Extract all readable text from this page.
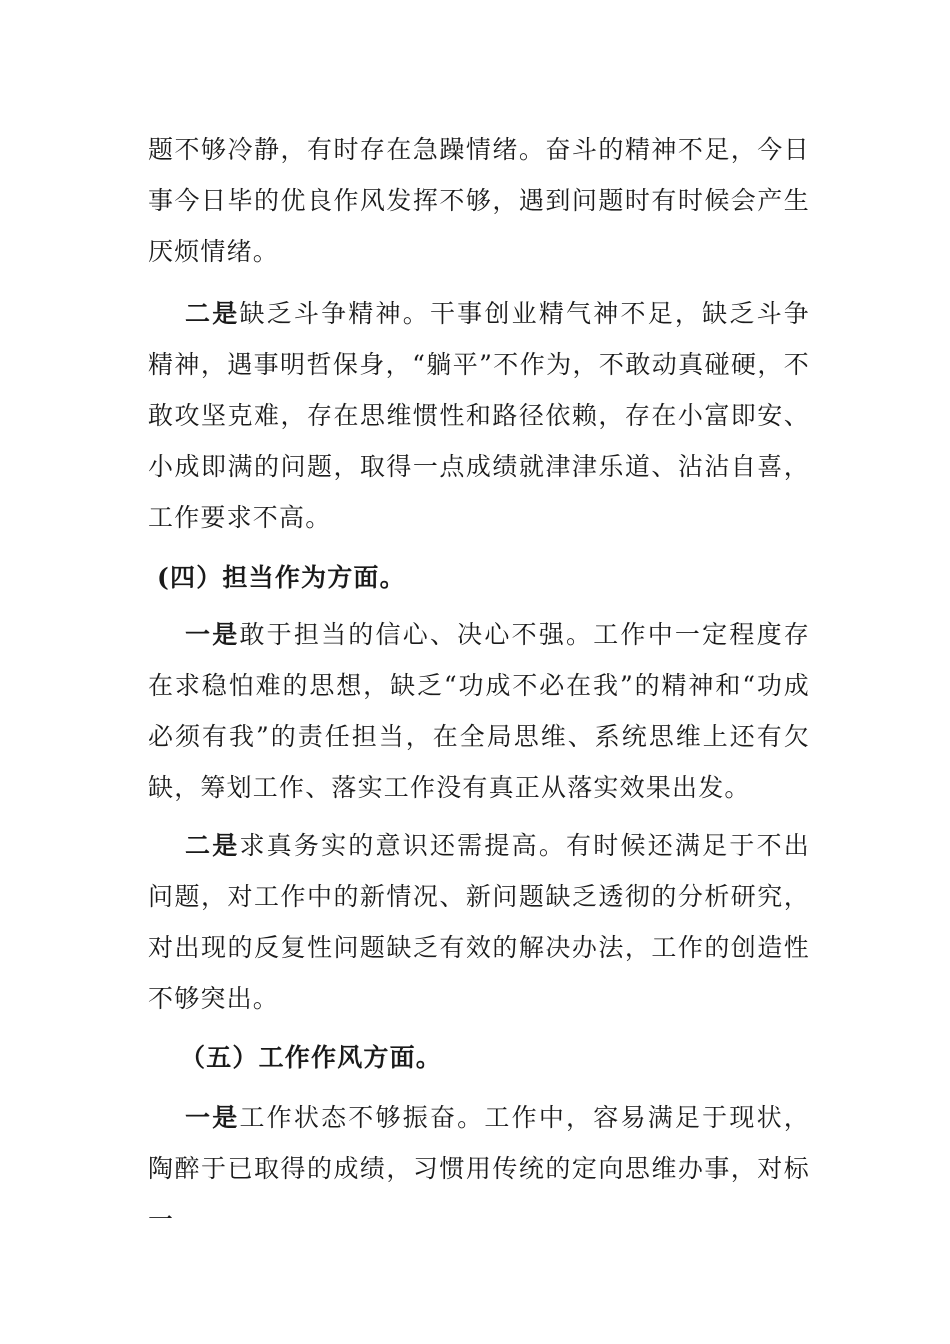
题不够冷静，有时存在急躁情绪。奋斗的精神不足，今日事今日毕的优良作风发挥不够，遇到问题时有时候会产生厌烦情绪。

二是缺乏斗争精神。干事创业精气神不足，缺乏斗争精神，遇事明哲保身，“躺平”不作为，不敢动真碰硬，不敢攻坚克难，存在思维惯性和路径依赖，存在小富即安、小成即满的问题，取得一点成绩就津津乐道、沾沾自喜，工作要求不高。

(四）担当作为方面。

一是敢于担当的信心、决心不强。工作中一定程度存在求稳怕难的思想，缺乏“功成不必在我”的精神和“功成必须有我”的责任担当，在全局思维、系统思维上还有欠缺，筹划工作、落实工作没有真正从落实效果出发。

二是求真务实的意识还需提高。有时候还满足于不出问题，对工作中的新情况、新问题缺乏透彻的分析研究，对出现的反复性问题缺乏有效的解决办法，工作的创造性不够突出。

（五）工作作风方面。

一是工作状态不够振奋。工作中，容易满足于现状，陶醉于已取得的成绩，习惯用传统的定向思维办事，对标一
